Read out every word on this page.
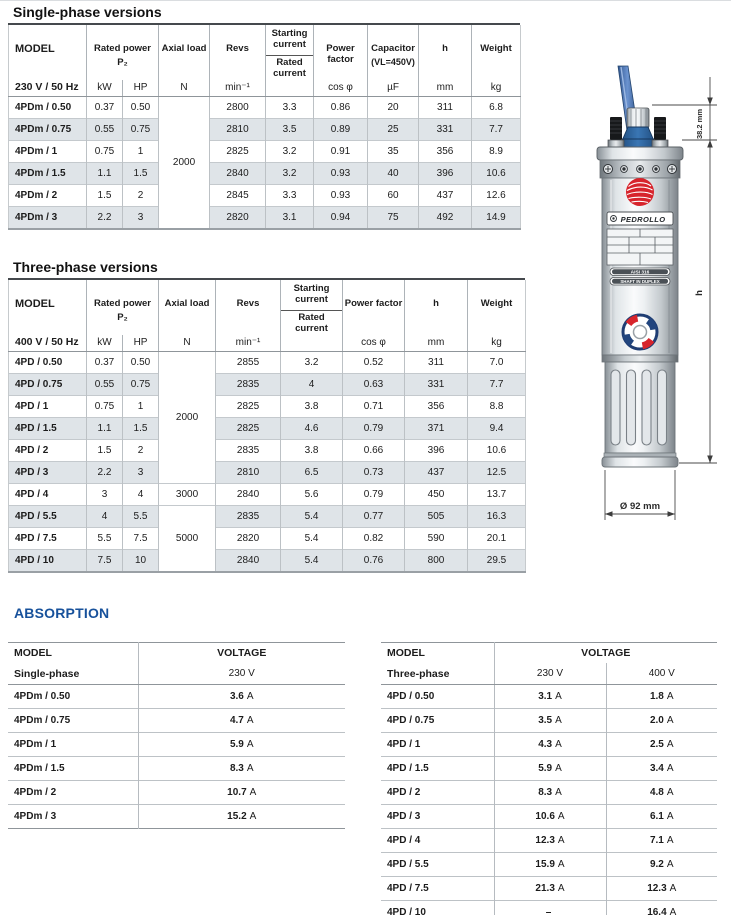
Single-phase versions
MODEL
230 V / 50 Hz

Rated power
P₂
kW	HP

Axial load
N

Revs
min⁻¹

Starting current
Rated current

Power factor
cos φ

Capacitor
(VL=450V)
µF

h
mm

Weight
kg

4PDm / 0.50	0.37	0.50	2000	2800	3.3	0.86	20	311	6.8
4PDm / 0.75	0.55	0.75		2810	3.5	0.89	25	331	7.7
4PDm / 1	0.75	1		2825	3.2	0.91	35	356	8.9
4PDm / 1.5	1.1	1.5		2840	3.2	0.93	40	396	10.6
4PDm / 2	1.5	2		2845	3.3	0.93	60	437	12.6
4PDm / 3	2.2	3		2820	3.1	0.94	75	492	14.9
Three-phase versions
MODEL
400 V / 50 Hz

Rated power
P₂
kW	HP

Axial load
N

Revs
min⁻¹

Starting current
Rated current

Power factor
cos φ

h
mm

Weight
kg

4PD / 0.50	0.37	0.50	2000	2855	3.2	0.52	311	7.0
4PD / 0.75	0.55	0.75		2835	4	0.63	331	7.7
4PD / 1	0.75	1		2825	3.8	0.71	356	8.8
4PD / 1.5	1.1	1.5		2825	4.6	0.79	371	9.4
4PD / 2	1.5	2		2835	3.8	0.66	396	10.6
4PD / 3	2.2	3		2810	6.5	0.73	437	12.5
4PD / 4	3	4	3000	2840	5.6	0.79	450	13.7
4PD / 5.5	4	5.5	5000	2835	5.4	0.77	505	16.3
4PD / 7.5	5.5	7.5		2820	5.4	0.82	590	20.1
4PD / 10	7.5	10		2840	5.4	0.76	800	29.5
ABSORPTION
MODEL	VOLTAGE
Single-phase	230 V
4PDm / 0.50	3.6 A
4PDm / 0.75	4.7 A
4PDm / 1	5.9 A
4PDm / 1.5	8.3 A
4PDm / 2	10.7 A
4PDm / 3	15.2 A
MODEL	VOLTAGE	
Three-phase	230 V	400 V
4PD / 0.50	3.1 A	1.8 A
4PD / 0.75	3.5 A	2.0 A
4PD / 1	4.3 A	2.5 A
4PD / 1.5	5.9 A	3.4 A
4PD / 2	8.3 A	4.8 A
4PD / 3	10.6 A	6.1 A
4PD / 4	12.3 A	7.1 A
4PD / 5.5	15.9 A	9.2 A
4PD / 7.5	21.3 A	12.3 A
4PD / 10	–	16.4 A
38.2 mm
h
Ø 92 mm
PEDROLLO
AISI 316
SHAFT IN DUPLEX
